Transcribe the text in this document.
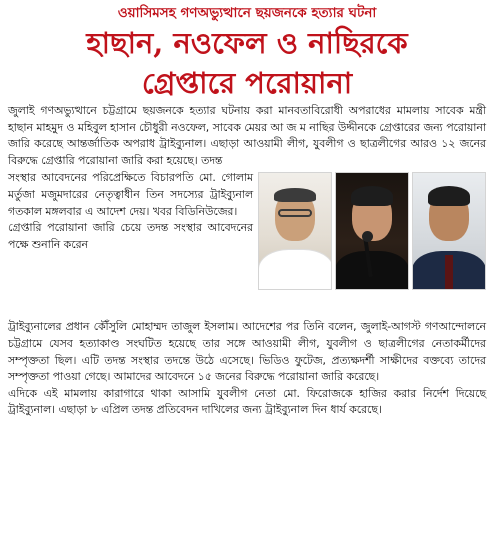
ওয়াসিমসহ গণঅভ্যুত্থানে ছয়জনকে হত্যার ঘটনা
হাছান, নওফেল ও নাছিরকে
গ্রেপ্তারে পরোয়ানা

জুলাই গণঅভ্যুত্থানে চট্টগ্রামে ছয়জনকে হত্যার ঘটনায় করা মানবতাবিরোধী অপরাধের মামলায় সাবেক মন্ত্রী হাছান মাহমুদ ও মহিবুল হাসান চৌধুরী নওফেল, সাবেক মেয়র আ জ ম নাছির উদ্দীনকে গ্রেপ্তারের জন্য পরোয়ানা জারি করেছে আন্তর্জাতিক অপরাধ ট্রাইব্যুনাল। এছাড়া আওয়ামী লীগ, যুবলীগ ও ছাত্রলীগের আরও ১২ জনের বিরুদ্ধে গ্রেপ্তারি পরোয়ানা জারি করা হয়েছে। তদন্ত

সংস্থার আবেদনের পরিপ্রেক্ষিতে বিচারপতি মো. গোলাম মর্তুজা মজুমদারের নেতৃত্বাধীন তিন সদস্যের ট্রাইব্যুনাল গতকাল মঙ্গলবার এ আদেশ দেয়। খবর বিডিনিউজের।

গ্রেপ্তারি পরোয়ানা জারি চেয়ে তদন্ত সংস্থার আবেদনের পক্ষে শুনানি করেন

ট্রাইব্যুনালের প্রধান কৌঁসুলি মোহাম্মদ তাজুল ইসলাম। আদেশের পর তিনি বলেন, জুলাই-আগস্ট গণআন্দোলনে চট্টগ্রামে যেসব হত্যাকাণ্ড সংঘটিত হয়েছে তার সঙ্গে আওয়ামী লীগ, যুবলীগ ও ছাত্রলীগের নেতাকর্মীদের সম্পৃক্ততা ছিল। এটি তদন্ত সংস্থার তদন্তে উঠে এসেছে। ভিডিও ফুটেজ, প্রত্যক্ষদর্শী সাক্ষীদের বক্তব্যে তাদের সম্পৃক্ততা পাওয়া গেছে। আমাদের আবেদনে ১৫ জনের বিরুদ্ধে পরোয়ানা জারি করেছে।

এদিকে এই মামলায় কারাগারে থাকা আসামি যুবলীগ নেতা মো. ফিরোজকে হাজির করার নির্দেশ দিয়েছে ট্রাইব্যুনাল। এছাড়া ৮ এপ্রিল তদন্ত প্রতিবেদন দাখিলের জন্য ট্রাইব্যুনাল দিন ধার্য করেছে।
